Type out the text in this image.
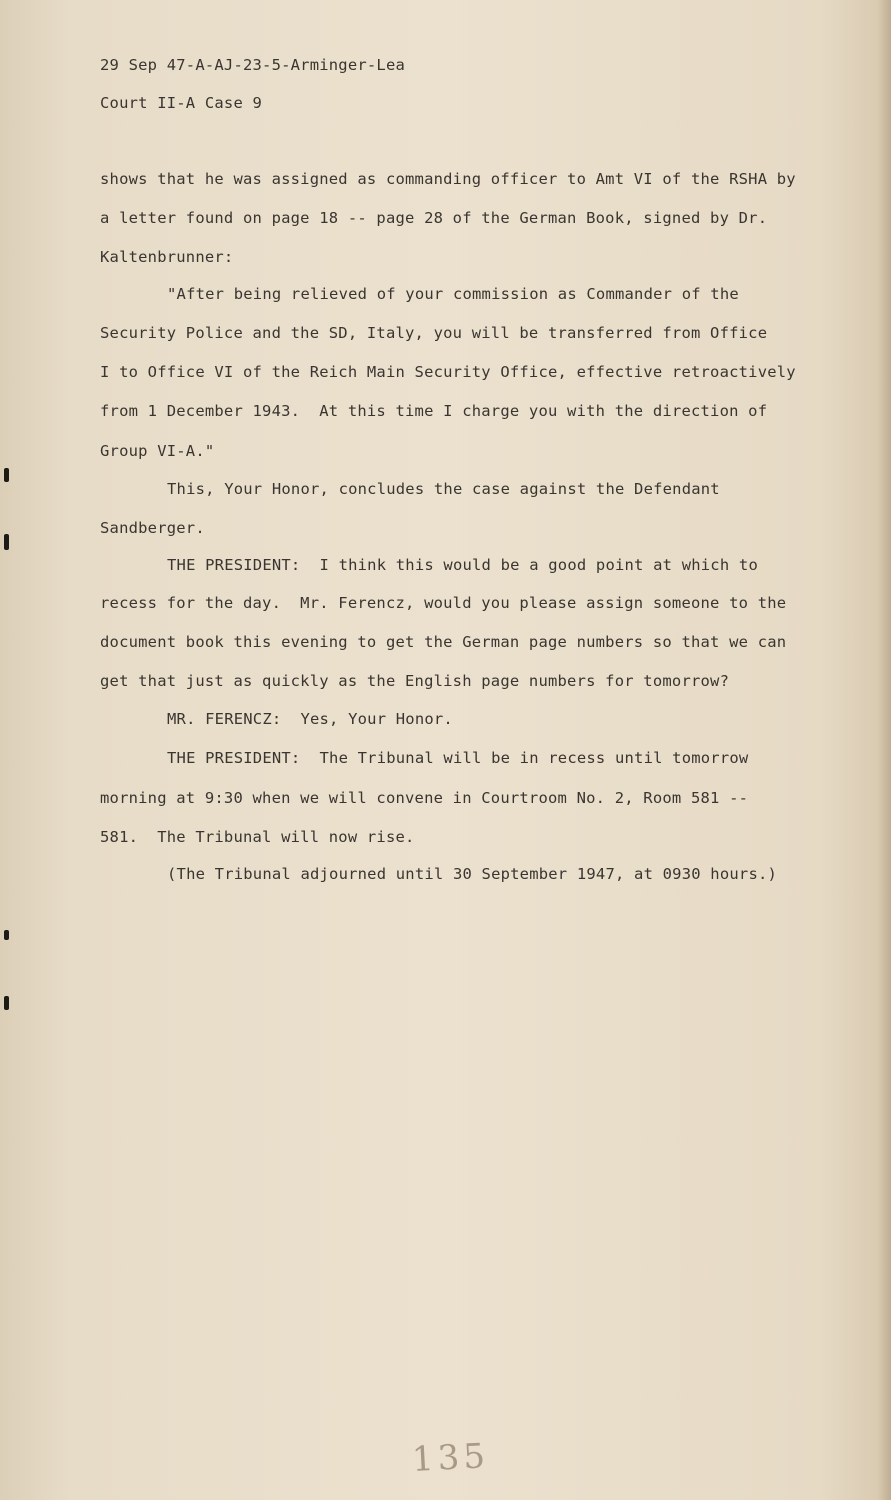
29 Sep 47-A-AJ-23-5-Arminger-Lea
Court II-A Case 9
shows that he was assigned as commanding officer to Amt VI of the RSHA by
a letter found on page 18 -- page 28 of the German Book, signed by Dr.
Kaltenbrunner:
"After being relieved of your commission as Commander of the
Security Police and the SD, Italy, you will be transferred from Office
I to Office VI of the Reich Main Security Office, effective retroactively
from 1 December 1943.  At this time I charge you with the direction of
Group VI-A."
This, Your Honor, concludes the case against the Defendant
Sandberger.
THE PRESIDENT:  I think this would be a good point at which to
recess for the day.  Mr. Ferencz, would you please assign someone to the
document book this evening to get the German page numbers so that we can
get that just as quickly as the English page numbers for tomorrow?
MR. FERENCZ:  Yes, Your Honor.
THE PRESIDENT:  The Tribunal will be in recess until tomorrow
morning at 9:30 when we will convene in Courtroom No. 2, Room 581 --
581.  The Tribunal will now rise.
(The Tribunal adjourned until 30 September 1947, at 0930 hours.)
135
